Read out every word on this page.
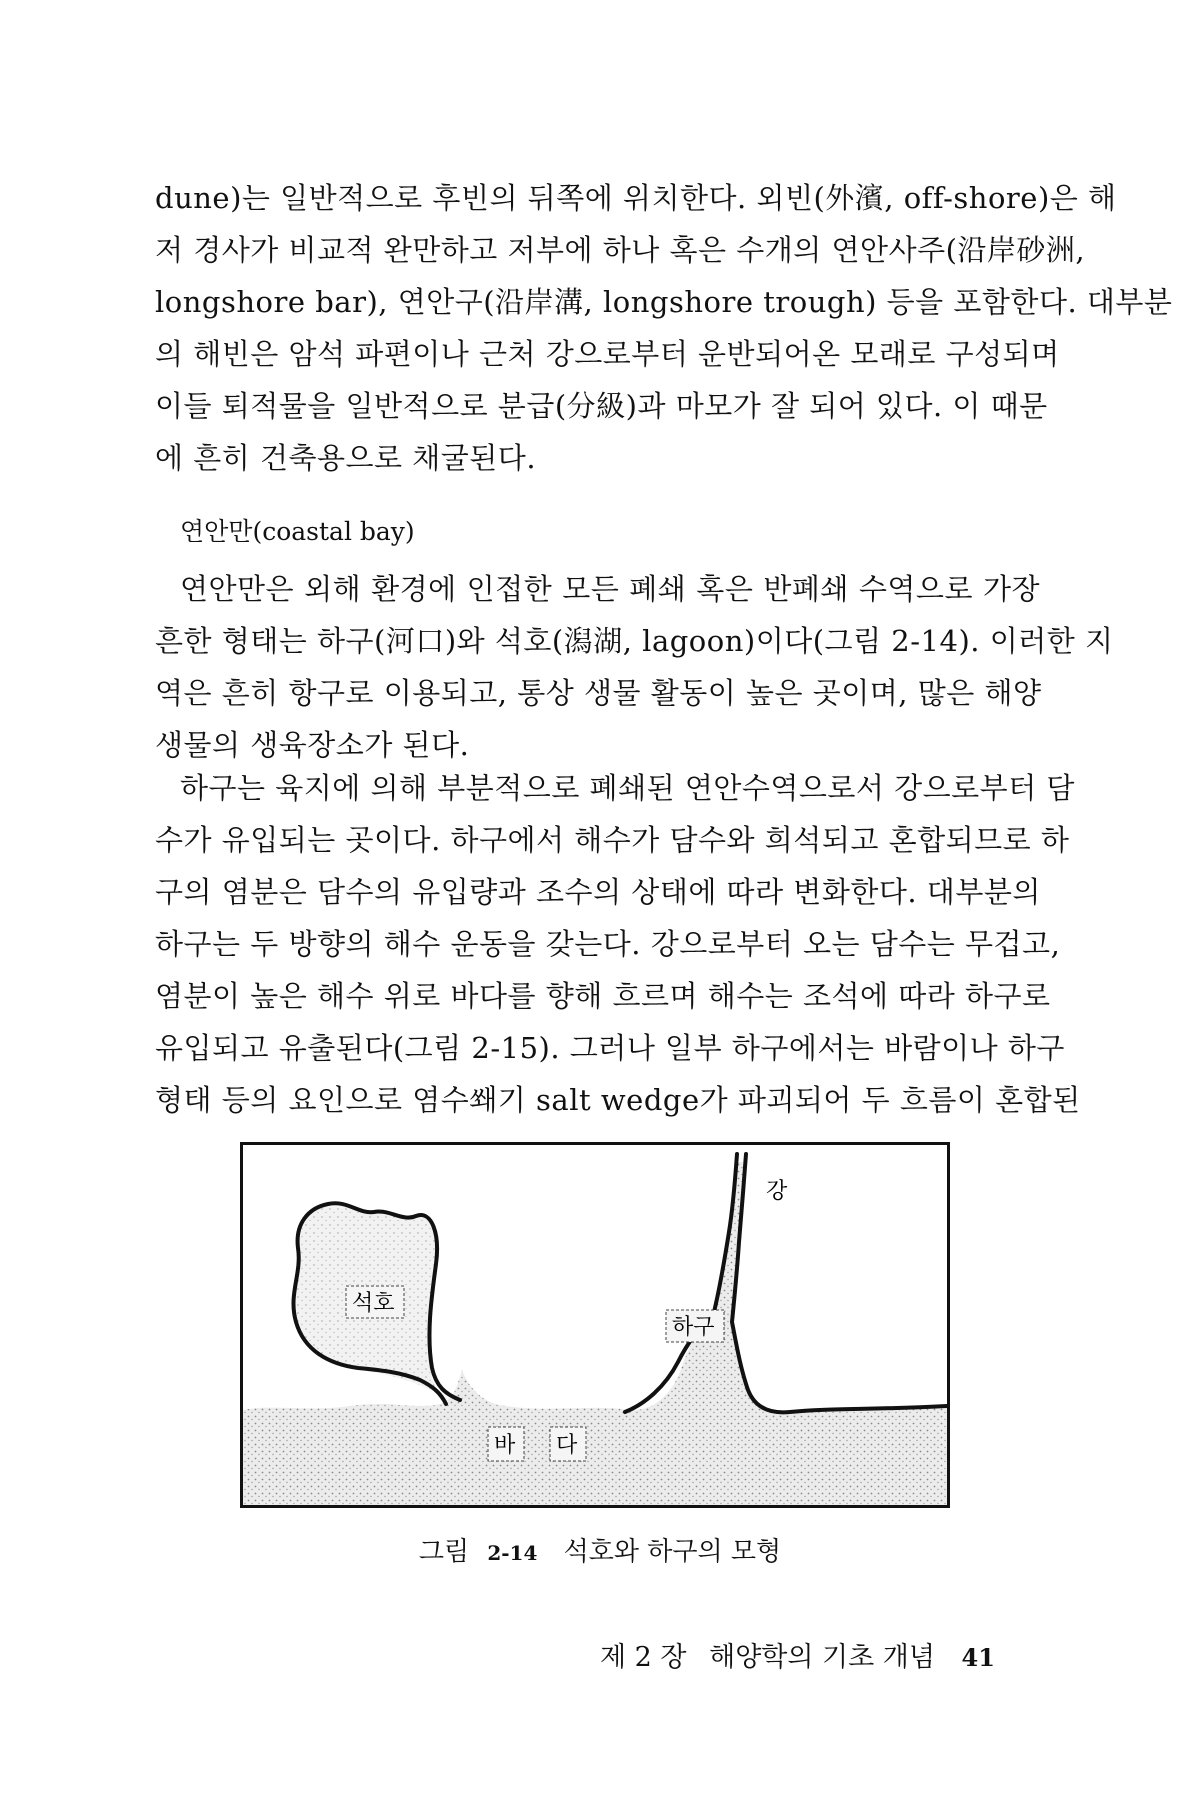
dune)는 일반적으로 후빈의 뒤쪽에 위치한다. 외빈(外濱, off-shore)은 해
저 경사가 비교적 완만하고 저부에 하나 혹은 수개의 연안사주(沿岸砂洲,
longshore bar), 연안구(沿岸溝, longshore trough) 등을 포함한다. 대부분
의 해빈은 암석 파편이나 근처 강으로부터 운반되어온 모래로 구성되며
이들 퇴적물을 일반적으로 분급(分級)과 마모가 잘 되어 있다. 이 때문
에 흔히 건축용으로 채굴된다.
연안만(coastal bay)
연안만은 외해 환경에 인접한 모든 폐쇄 혹은 반폐쇄 수역으로 가장
흔한 형태는 하구(河口)와 석호(潟湖, lagoon)이다(그림 2-14). 이러한 지
역은 흔히 항구로 이용되고, 통상 생물 활동이 높은 곳이며, 많은 해양
생물의 생육장소가 된다.
하구는 육지에 의해 부분적으로 폐쇄된 연안수역으로서 강으로부터 담
수가 유입되는 곳이다. 하구에서 해수가 담수와 희석되고 혼합되므로 하
구의 염분은 담수의 유입량과 조수의 상태에 따라 변화한다. 대부분의
하구는 두 방향의 해수 운동을 갖는다. 강으로부터 오는 담수는 무겁고,
염분이 높은 해수 위로 바다를 향해 흐르며 해수는 조석에 따라 하구로
유입되고 유출된다(그림 2-15). 그러나 일부 하구에서는 바람이나 하구
형태 등의 요인으로 염수쐐기 salt wedge가 파괴되어 두 흐름이 혼합된
강
석호
하구
바 다
그림 2-14 석호와 하구의 모형
제 2 장 해양학의 기초 개념 41
